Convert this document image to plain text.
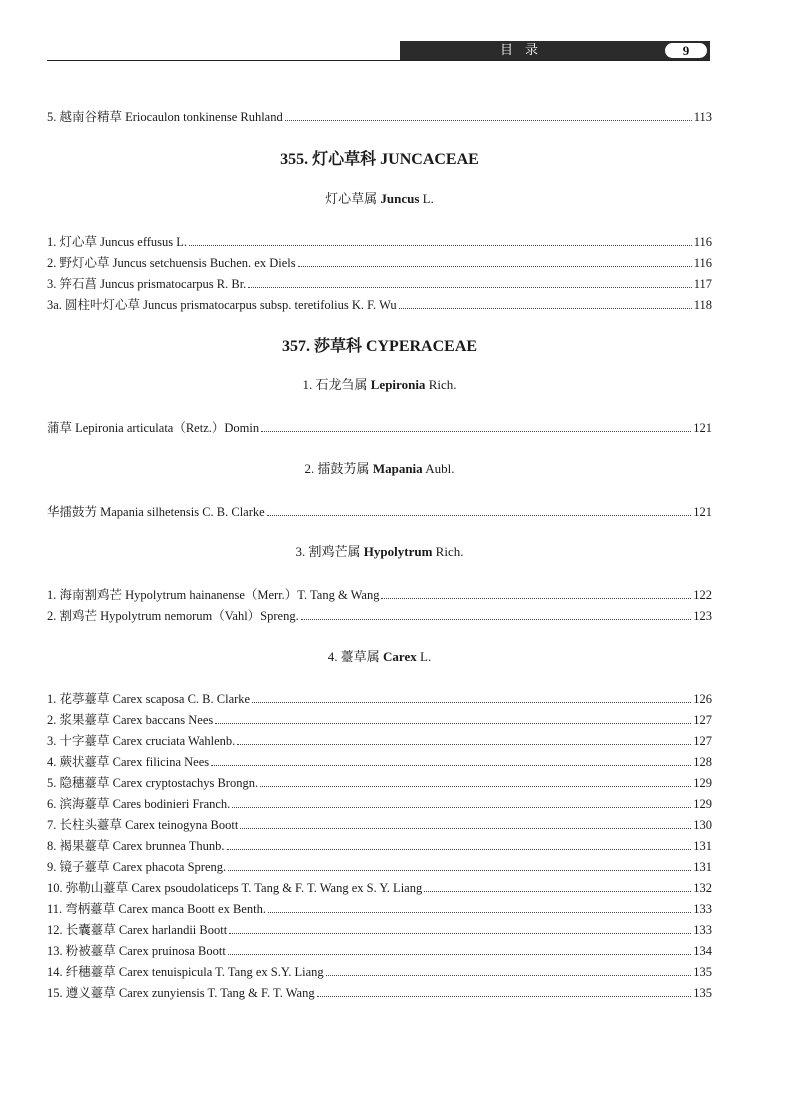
目录	9
5. 越南谷精草 Eriocaulon tonkinense Ruhland	113
355. 灯心草科 JUNCACEAE
灯心草属 Juncus L.
1. 灯心草 Juncus effusus L.	116
2. 野灯心草 Juncus setchuensis Buchen. ex Diels	116
3. 笄石菖 Juncus prismatocarpus R. Br.	117
3a. 圆柱叶灯心草 Juncus prismatocarpus subsp. teretifolius K. F. Wu	118
357. 莎草科 CYPERACEAE
1. 石龙刍属 Lepironia Rich.
蒲草 Lepironia articulata（Retz.）Domin	121
2. 擂鼓艻属 Mapania Aubl.
华擂鼓艻 Mapania silhetensis C. B. Clarke	121
3. 割鸡芒属 Hypolytrum Rich.
1. 海南割鸡芒 Hypolytrum hainanense（Merr.）T. Tang & Wang	122
2. 割鸡芒 Hypolytrum nemorum（Vahl）Spreng.	123
4. 薹草属 Carex L.
1. 花葶薹草 Carex scaposa C. B. Clarke	126
2. 浆果薹草 Carex baccans Nees	127
3. 十字薹草 Carex cruciata Wahlenb.	127
4. 蕨状薹草 Carex filicina Nees	128
5. 隐穗薹草 Carex cryptostachys Brongn.	129
6. 滨海薹草 Cares bodinieri Franch.	129
7. 长柱头薹草 Carex teinogyna Boott	130
8. 褐果薹草 Carex brunnea Thunb.	131
9. 镜子薹草 Carex phacota Spreng.	131
10. 弥勒山薹草 Carex psoudolaticeps T. Tang & F. T. Wang ex S. Y. Liang	132
11. 弯柄薹草 Carex manca Boott ex Benth.	133
12. 长囊薹草 Carex harlandii Boott	133
13. 粉被薹草 Carex pruinosa Boott	134
14. 纤穗薹草 Carex tenuispicula T. Tang ex S.Y. Liang	135
15. 遵义薹草 Carex zunyiensis T. Tang & F. T. Wang	135
